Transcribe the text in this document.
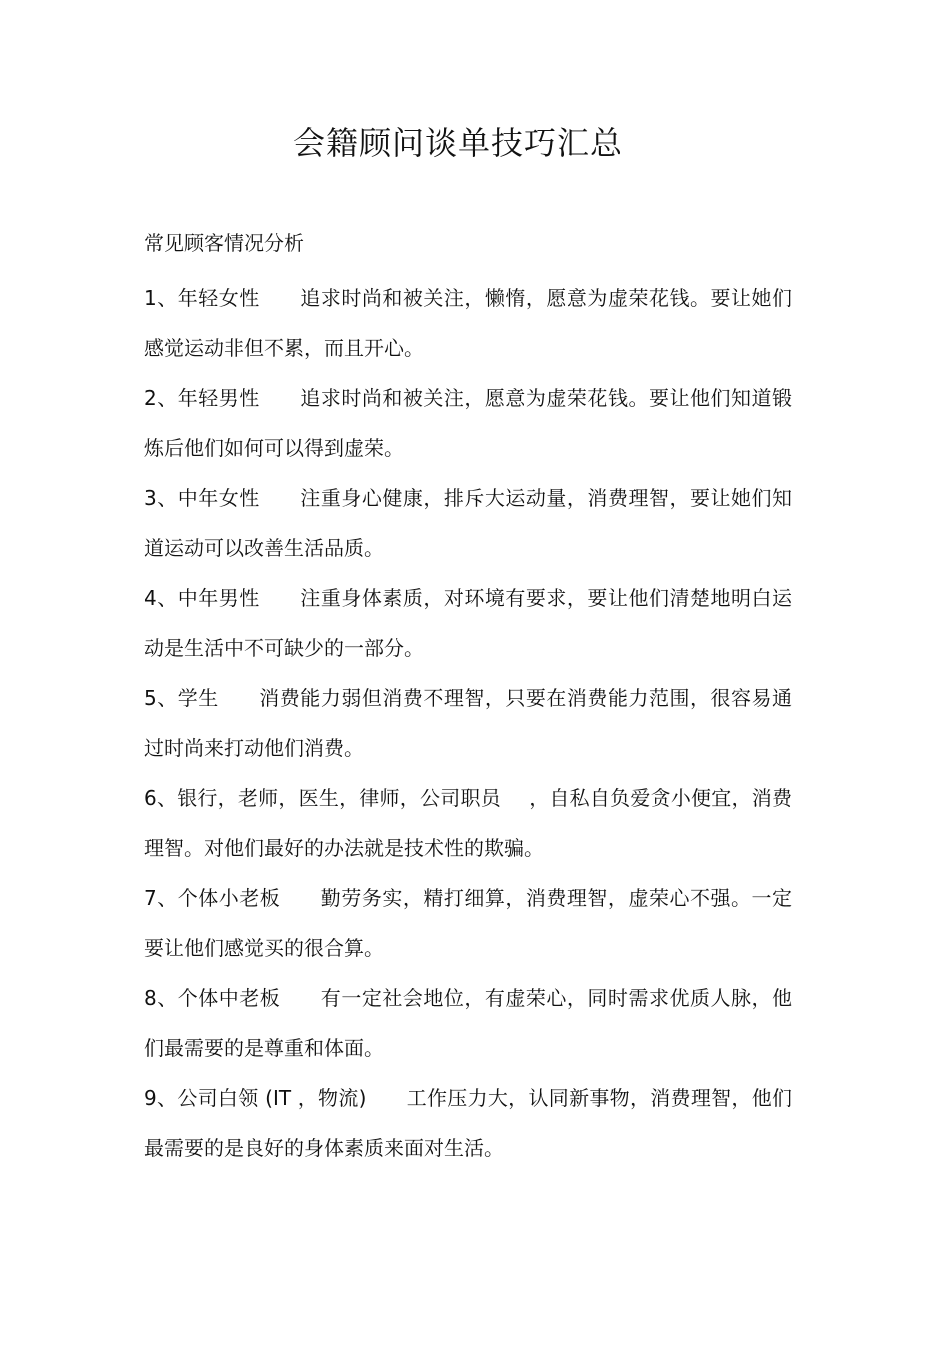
会籍顾问谈单技巧汇总

常见顾客情况分析

1、年轻女性 追求时尚和被关注，懒惰，愿意为虚荣花钱。要让她们感觉运动非但不累，而且开心。

2、年轻男性 追求时尚和被关注，愿意为虚荣花钱。要让他们知道锻炼后他们如何可以得到虚荣。

3、中年女性 注重身心健康，排斥大运动量，消费理智，要让她们知道运动可以改善生活品质。

4、中年男性 注重身体素质，对环境有要求，要让他们清楚地明白运动是生活中不可缺少的一部分。

5、学生 消费能力弱但消费不理智，只要在消费能力范围，很容易通过时尚来打动他们消费。

6、银行，老师，医生，律师，公司职员 ，自私自负爱贪小便宜，消费理智。对他们最好的办法就是技术性的欺骗。

7、个体小老板 勤劳务实，精打细算，消费理智，虚荣心不强。一定要让他们感觉买的很合算。

8、个体中老板 有一定社会地位，有虚荣心，同时需求优质人脉，他们最需要的是尊重和体面。

9、公司白领 (IT ，物流) 工作压力大，认同新事物，消费理智，他们最需要的是良好的身体素质来面对生活。
